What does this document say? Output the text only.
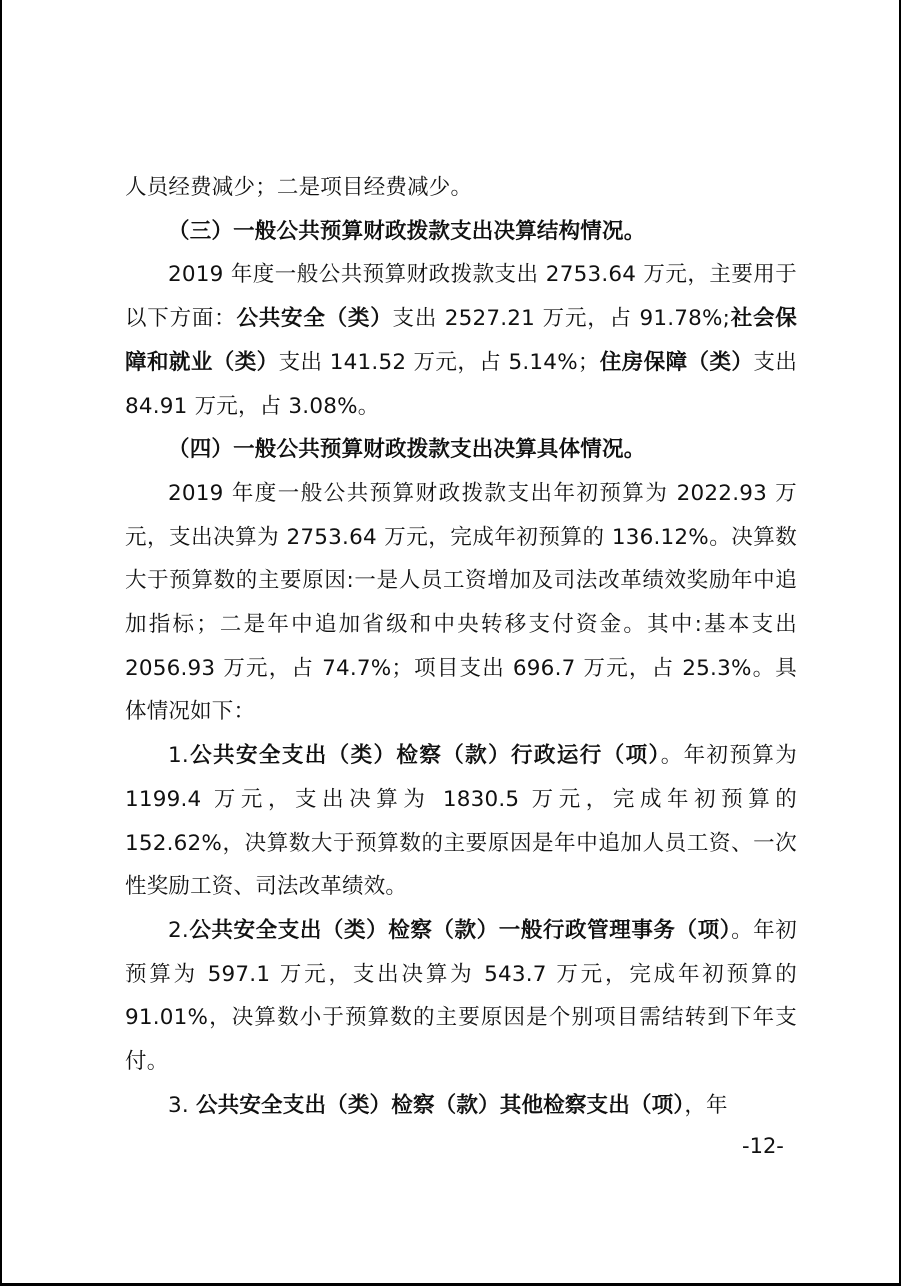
人员经费减少；二是项目经费减少。

（三）一般公共预算财政拨款支出决算结构情况。

2019 年度一般公共预算财政拨款支出 2753.64 万元，主要用于以下方面：公共安全（类）支出 2527.21 万元，占 91.78%;社会保障和就业（类）支出 141.52 万元，占 5.14%；住房保障（类）支出 84.91 万元，占 3.08%。

（四）一般公共预算财政拨款支出决算具体情况。

2019 年度一般公共预算财政拨款支出年初预算为 2022.93 万元，支出决算为 2753.64 万元，完成年初预算的 136.12%。决算数大于预算数的主要原因:一是人员工资增加及司法改革绩效奖励年中追加指标；二是年中追加省级和中央转移支付资金。其中:基本支出 2056.93 万元，占 74.7%；项目支出 696.7 万元，占 25.3%。具体情况如下：

1.公共安全支出（类）检察（款）行政运行（项）。年初预算为 1199.4 万元，支出决算为 1830.5 万元，完成年初预算的 152.62%，决算数大于预算数的主要原因是年中追加人员工资、一次性奖励工资、司法改革绩效。

2.公共安全支出（类）检察（款）一般行政管理事务（项）。年初预算为 597.1 万元，支出决算为 543.7 万元，完成年初预算的 91.01%，决算数小于预算数的主要原因是个别项目需结转到下年支付。

3. 公共安全支出（类）检察（款）其他检察支出（项），年

-12-
